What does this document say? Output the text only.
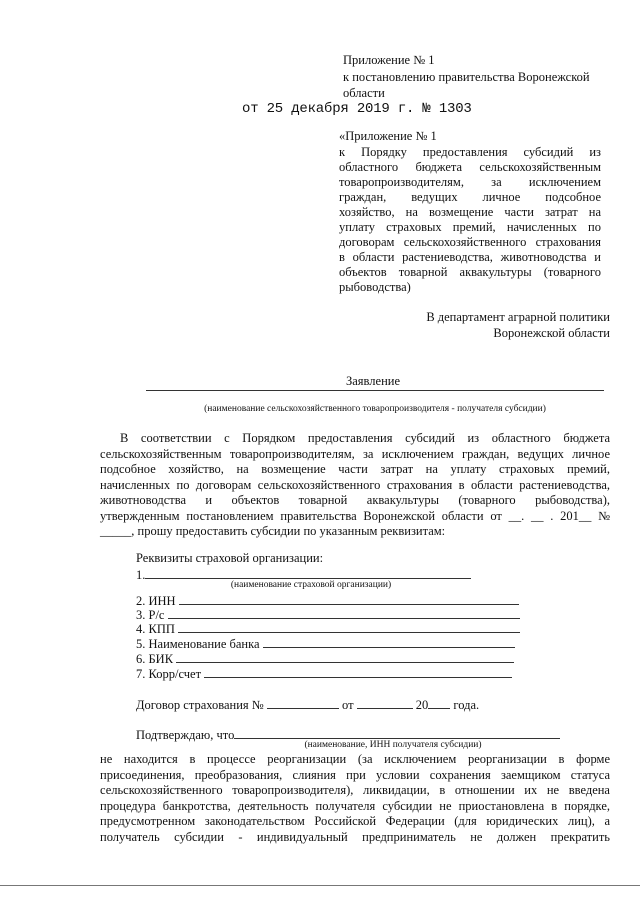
Приложение № 1
к постановлению правительства Воронежской
области
от 25 декабря 2019 г. № 1303
«Приложение № 1
к Порядку предоставления субсидий из
областного бюджета сельскохозяйственным
товаропроизводителям, за исключением
граждан, ведущих личное подсобное
хозяйство, на возмещение части затрат на
уплату страховых премий, начисленных по
договорам сельскохозяйственного страхования
в области растениеводства, животноводства и
объектов товарной аквакультуры (товарного
рыбоводства)
В департамент аграрной политики
Воронежской области
Заявление
(наименование сельскохозяйственного товаропроизводителя - получателя субсидии)
В соответствии с Порядком предоставления субсидий из областного бюджета
сельскохозяйственным товаропроизводителям, за исключением граждан, ведущих личное
подсобное хозяйство, на возмещение части затрат на уплату страховых премий,
начисленных по договорам сельскохозяйственного страхования в области растениеводства,
животноводства и объектов товарной аквакультуры (товарного рыбоводства),
утвержденным постановлением правительства Воронежской области от __. __ . 201__ №
_____, прошу предоставить субсидии по указанным реквизитам:
Реквизиты страховой организации:
1.
(наименование страховой организации)
2. ИНН
3. Р/с
4. КПП
5. Наименование банка
6. БИК
7. Корр/счет
Договор страхования №	от	20 года.
Подтверждаю, что
(наименование, ИНН получателя субсидии)
не находится в процессе реорганизации (за исключением реорганизации в форме
присоединения, преобразования, слияния при условии сохранения заемщиком статуса
сельскохозяйственного товаропроизводителя), ликвидации, в отношении их не введена
процедура банкротства, деятельность получателя субсидии не приостановлена в порядке,
предусмотренном законодательством Российской Федерации (для юридических лиц), а
получатель субсидии - индивидуальный предприниматель не должен прекратить
